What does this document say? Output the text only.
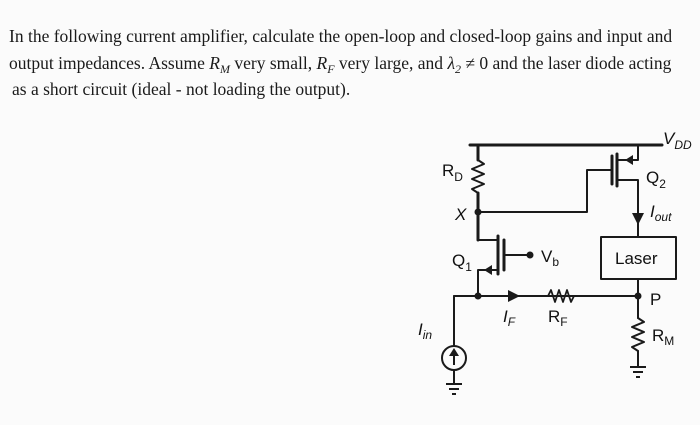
In the following current amplifier, calculate the open-loop and closed-loop gains and input and
output impedances. Assume $R_M$ very small, $R_F$ very large, and $\lambda_2 \ne 0$ and the laser diode acting
as a short circuit (ideal - not loading the output).
$V_{DD}$
$Q_2$
$R_D$
X	$I_{out}$
$Q_1$
$V_b$	Laser
P
$I_F$ $R_F$
$I_{in}$	$R_M$
